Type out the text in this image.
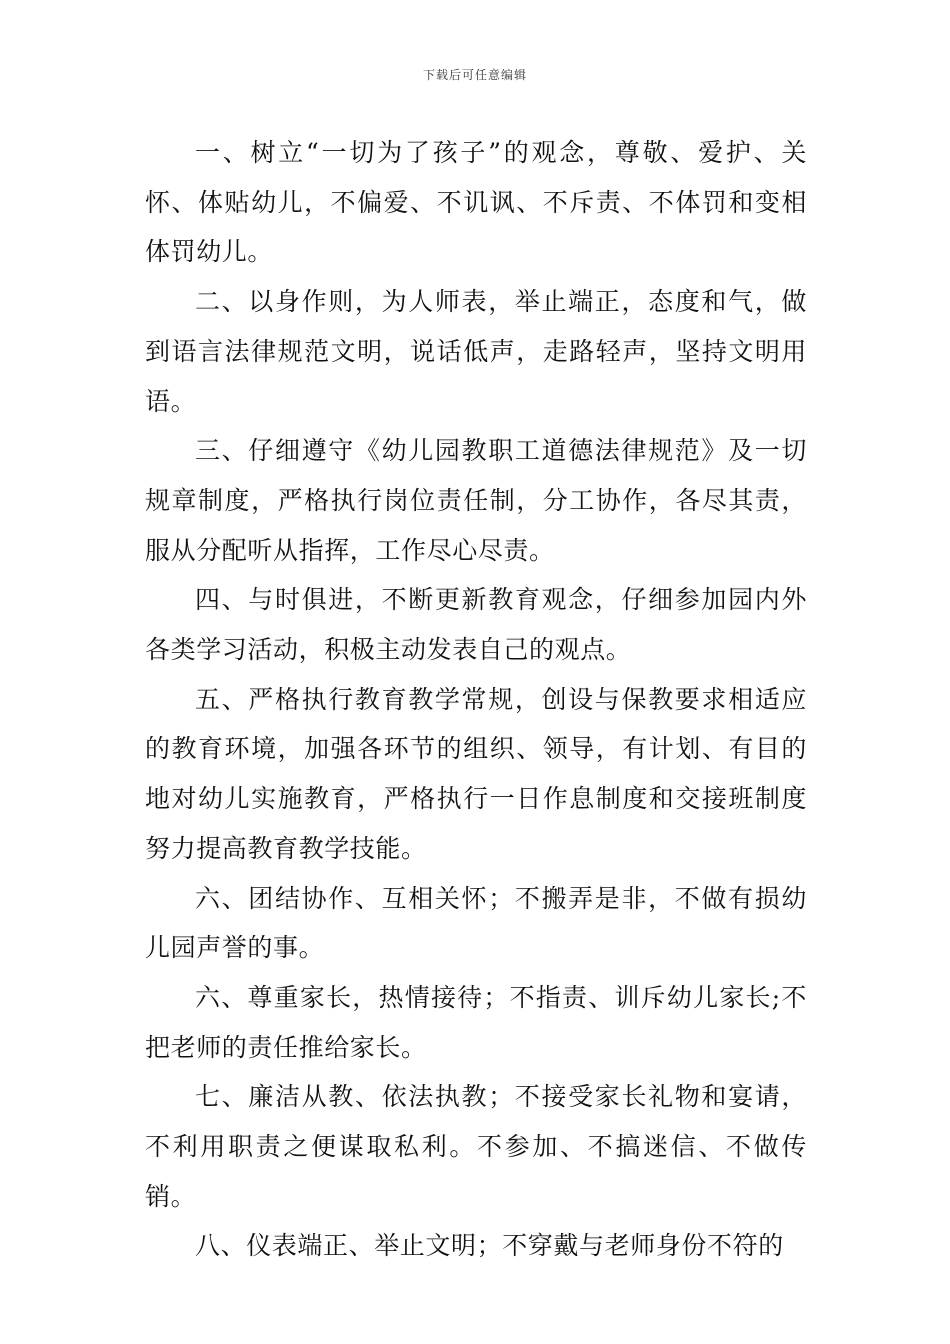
下载后可任意编辑

一、树立“一切为了孩子”的观念，尊敬、爱护、关怀、体贴幼儿，不偏爱、不讥讽、不斥责、不体罚和变相体罚幼儿。

二、以身作则，为人师表，举止端正，态度和气，做到语言法律规范文明，说话低声，走路轻声，坚持文明用语。

三、仔细遵守《幼儿园教职工道德法律规范》及一切规章制度，严格执行岗位责任制，分工协作，各尽其责，服从分配听从指挥，工作尽心尽责。

四、与时俱进，不断更新教育观念，仔细参加园内外各类学习活动，积极主动发表自己的观点。

五、严格执行教育教学常规，创设与保教要求相适应的教育环境，加强各环节的组织、领导，有计划、有目的地对幼儿实施教育，严格执行一日作息制度和交接班制度努力提高教育教学技能。

六、团结协作、互相关怀；不搬弄是非，不做有损幼儿园声誉的事。

六、尊重家长，热情接待；不指责、训斥幼儿家长;不把老师的责任推给家长。

七、廉洁从教、依法执教；不接受家长礼物和宴请，不利用职责之便谋取私利。不参加、不搞迷信、不做传销。

八、仪表端正、举止文明；不穿戴与老师身份不符的
